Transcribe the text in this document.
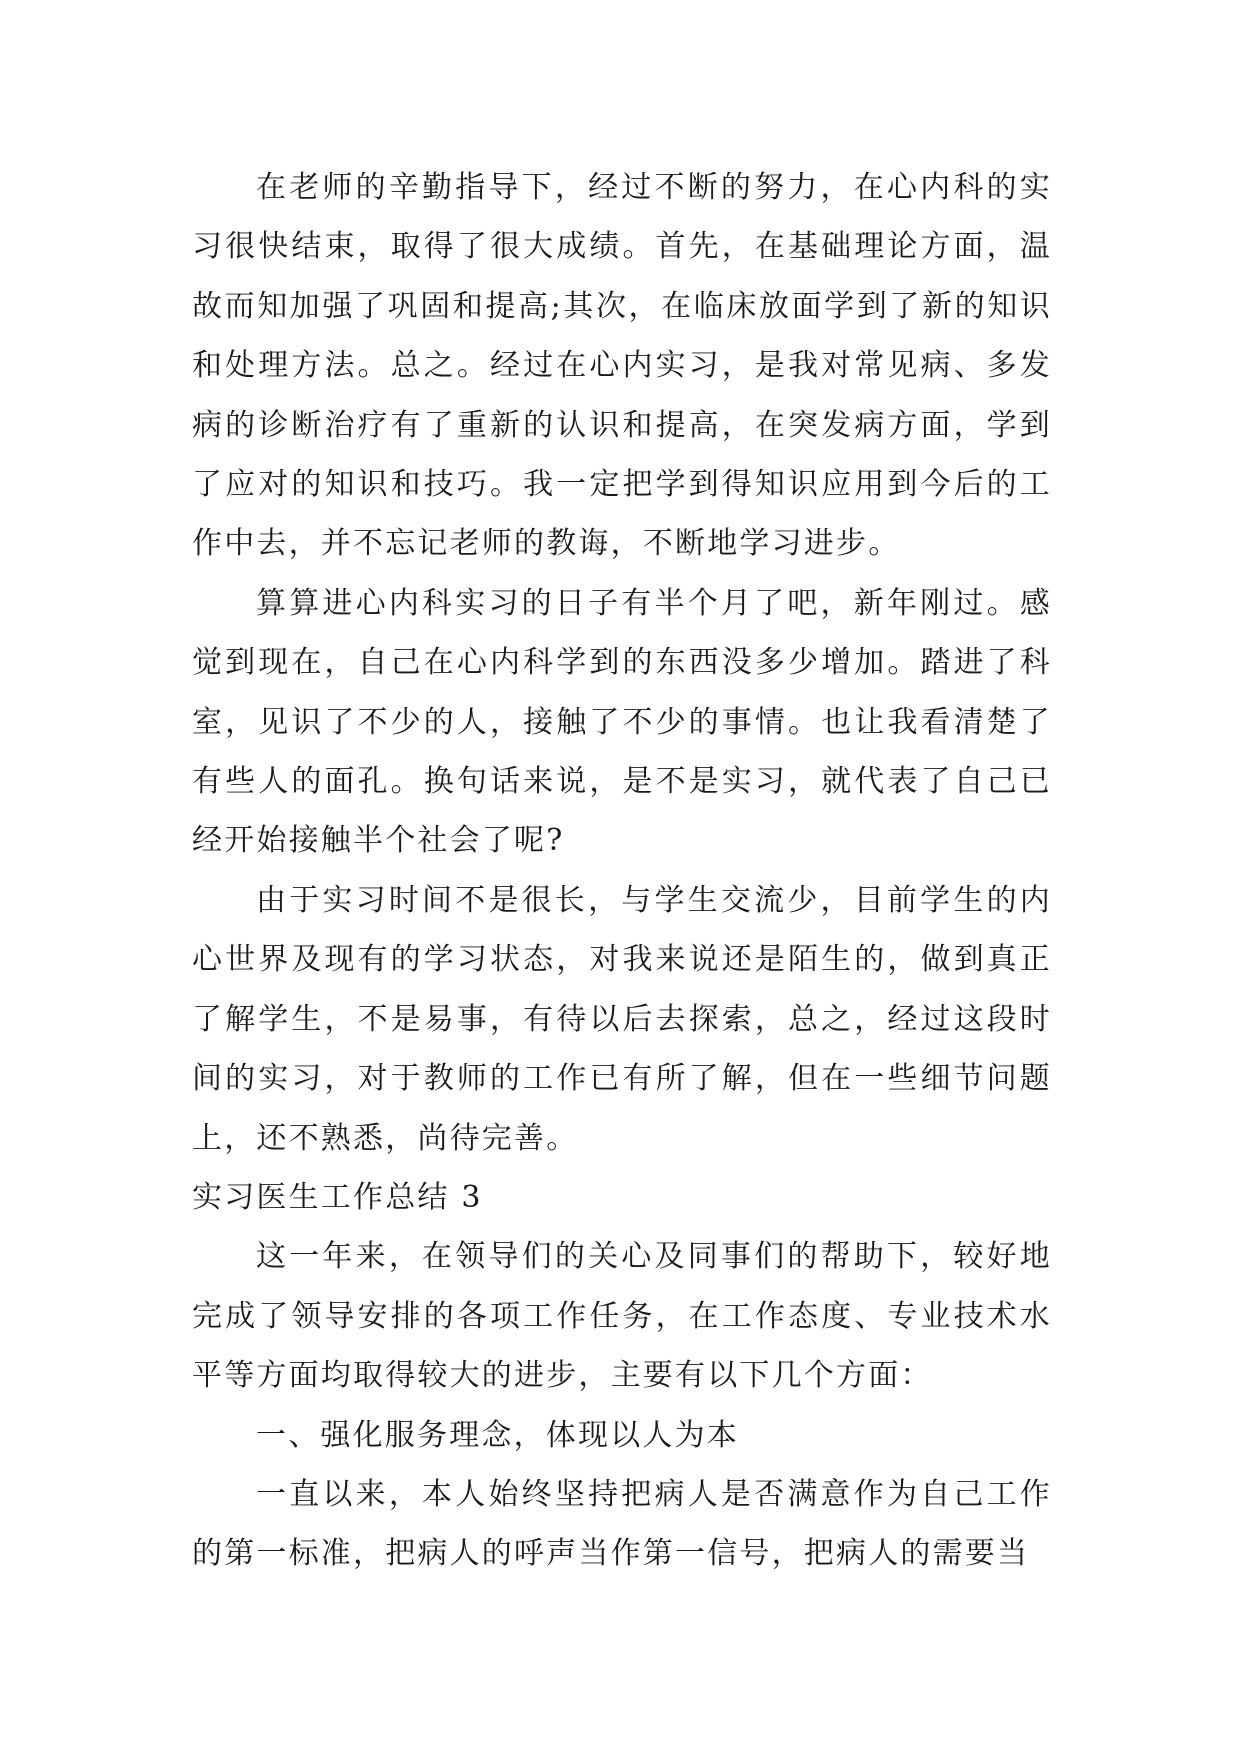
在老师的辛勤指导下，经过不断的努力，在心内科的实习很快结束，取得了很大成绩。首先，在基础理论方面，温故而知加强了巩固和提高;其次，在临床放面学到了新的知识和处理方法。总之。经过在心内实习，是我对常见病、多发病的诊断治疗有了重新的认识和提高，在突发病方面，学到了应对的知识和技巧。我一定把学到得知识应用到今后的工作中去，并不忘记老师的教诲，不断地学习进步。

算算进心内科实习的日子有半个月了吧，新年刚过。感觉到现在，自己在心内科学到的东西没多少增加。踏进了科室，见识了不少的人，接触了不少的事情。也让我看清楚了有些人的面孔。换句话来说，是不是实习，就代表了自己已经开始接触半个社会了呢?

由于实习时间不是很长，与学生交流少，目前学生的内心世界及现有的学习状态，对我来说还是陌生的，做到真正了解学生，不是易事，有待以后去探索，总之，经过这段时间的实习，对于教师的工作已有所了解，但在一些细节问题上，还不熟悉，尚待完善。

实习医生工作总结 3

这一年来，在领导们的关心及同事们的帮助下，较好地完成了领导安排的各项工作任务，在工作态度、专业技术水平等方面均取得较大的进步，主要有以下几个方面：

一、强化服务理念，体现以人为本

一直以来，本人始终坚持把病人是否满意作为自己工作的第一标准，把病人的呼声当作第一信号，把病人的需要当
